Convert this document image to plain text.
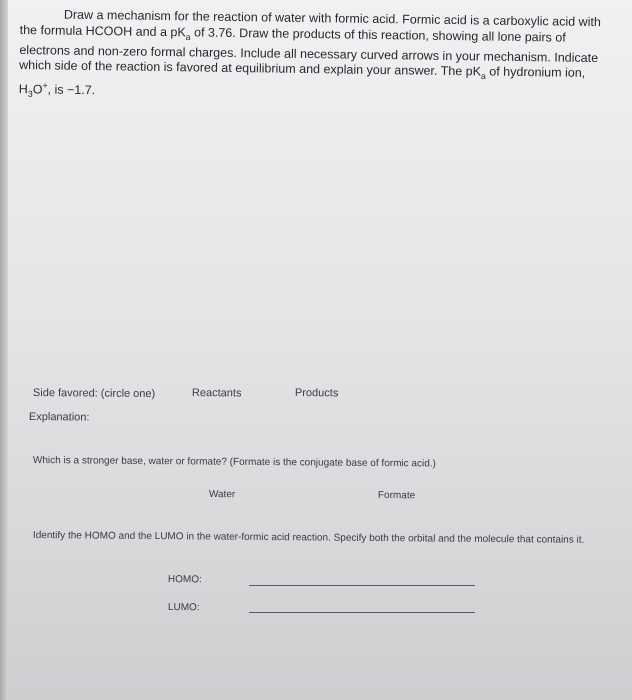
Draw a mechanism for the reaction of water with formic acid. Formic acid is a carboxylic acid with the formula HCOOH and a $pK_a$ of 3.76. Draw the products of this reaction, showing all lone pairs of electrons and non-zero formal charges. Include all necessary curved arrows in your mechanism. Indicate which side of the reaction is favored at equilibrium and explain your answer. The $pK_a$ of hydronium ion, $H_3O^+$, is −1.7.
Side favored: (circle one)	Reactants	Products
Explanation:
Which is a stronger base, water or formate? (Formate is the conjugate base of formic acid.)
Water	Formate
Identify the HOMO and the LUMO in the water-formic acid reaction. Specify both the orbital and the molecule that contains it.
HOMO:
LUMO:
